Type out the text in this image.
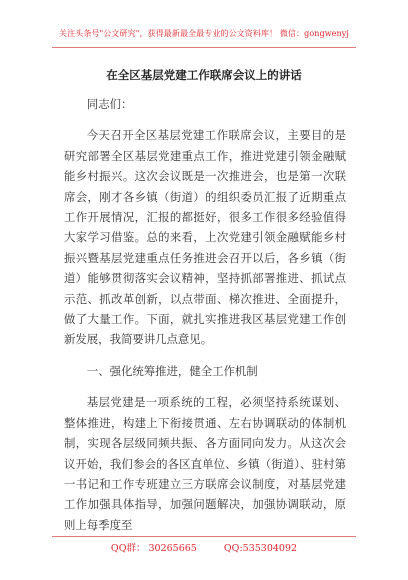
关注头条号"公文研究"，获得最新最全最专业的公文资料库！ 微信：gongwenyj
在全区基层党建工作联席会议上的讲话

同志们：

今天召开全区基层党建工作联席会议，主要目的是研究部署全区基层党建重点工作，推进党建引领金融赋能乡村振兴。这次会议既是一次推进会，也是第一次联席会，刚才各乡镇（街道）的组织委员汇报了近期重点工作开展情况，汇报的都挺好，很多工作很多经验值得大家学习借鉴。总的来看，上次党建引领金融赋能乡村振兴暨基层党建重点任务推进会召开以后，各乡镇（街道）能够贯彻落实会议精神，坚持抓部署推进、抓试点示范、抓改革创新，以点带面、梯次推进、全面提升，做了大量工作。下面，就扎实推进我区基层党建工作创新发展，我简要讲几点意见。

一、强化统筹推进，健全工作机制

基层党建是一项系统的工程，必须坚持系统谋划、整体推进，构建上下衔接贯通、左右协调联动的体制机制，实现各层级同频共振、各方面同向发力。从这次会议开始，我们参会的各区直单位、乡镇（街道）、驻村第一书记和工作专班建立三方联席会议制度，对基层党建工作加强具体指导，加强问题解决，加强协调联动，原则上每季度至

QQ群： 30265665	QQ:535304092
